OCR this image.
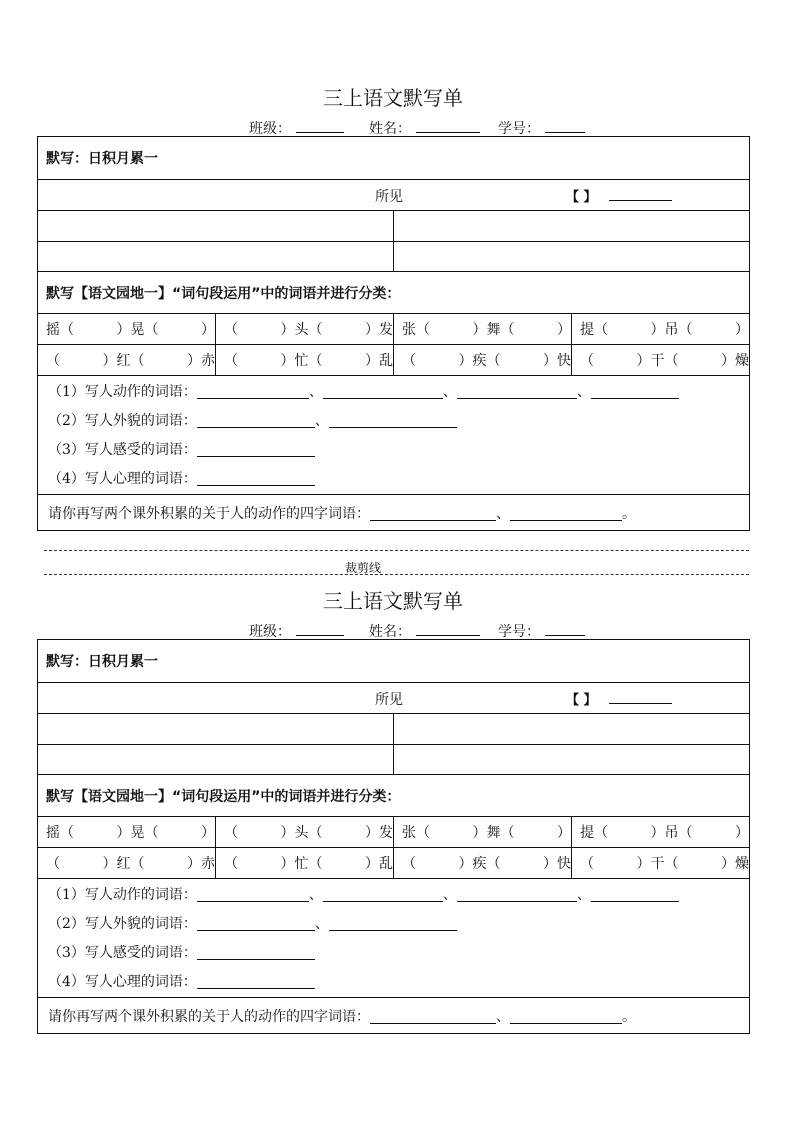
三上语文默写单
班级：	姓名：	学号：
默写：日积月累一			

所见 【 】			

默写【语文园地一】“词句段运用”中的词语并进行分类：			

摇（ ）晃（ ）	（ ）头（ ）发	张（ ）舞（ ）	提（ ）吊（ ）

（ ）红（ ）赤	（ ）忙（ ）乱	（ ）疾（ ）快	（ ）干（ ）燥

（1）写人动作的词语： 、 、 、
（2）写人外貌的词语： 、
（3）写人感受的词语：
（4）写人心理的词语：			

请你再写两个课外积累的关于人的动作的四字词语： 、 。			
裁剪线
三上语文默写单
班级：	姓名：	学号：
默写：日积月累一			

所见 【 】			

默写【语文园地一】“词句段运用”中的词语并进行分类：			

摇（ ）晃（ ）	（ ）头（ ）发	张（ ）舞（ ）	提（ ）吊（ ）

（ ）红（ ）赤	（ ）忙（ ）乱	（ ）疾（ ）快	（ ）干（ ）燥

（1）写人动作的词语： 、 、 、
（2）写人外貌的词语： 、
（3）写人感受的词语：
（4）写人心理的词语：			

请你再写两个课外积累的关于人的动作的四字词语： 、 。			
